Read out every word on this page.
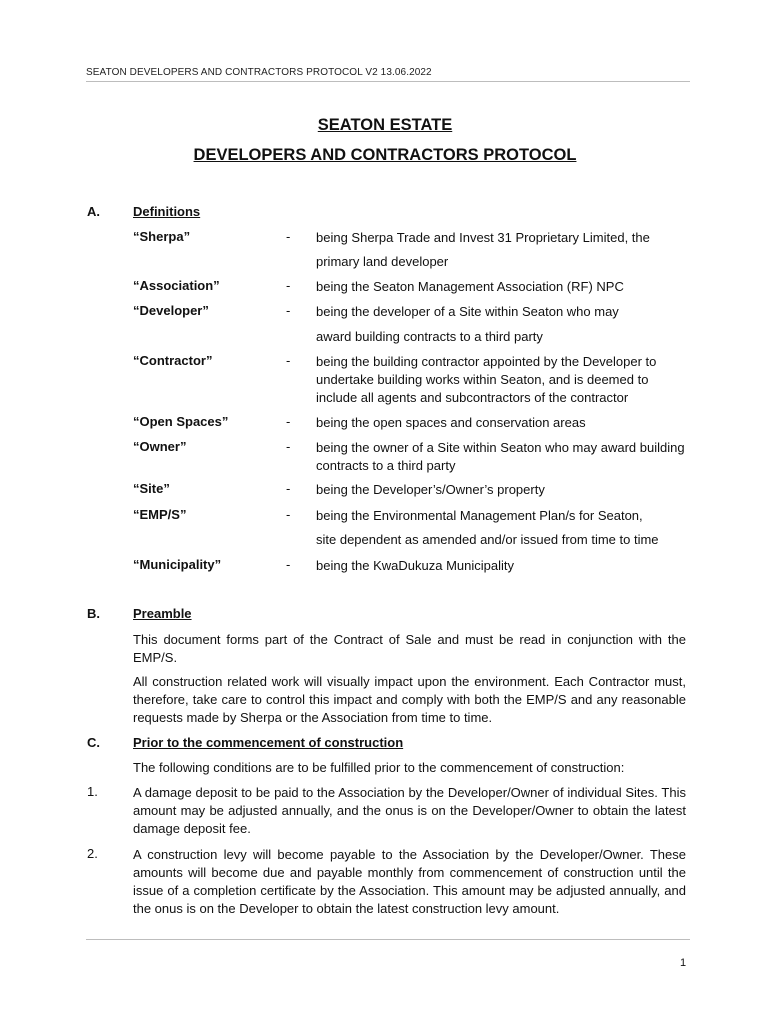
SEATON DEVELOPERS AND CONTRACTORS PROTOCOL V2 13.06.2022
SEATON ESTATE
DEVELOPERS AND CONTRACTORS PROTOCOL
A.	Definitions
“Sherpa”	- being Sherpa Trade and Invest 31 Proprietary Limited, the
primary land developer
“Association”	- being the Seaton Management Association (RF) NPC
“Developer”	- being the developer of a Site within Seaton who may
award building contracts to a third party
“Contractor”	- being the building contractor appointed by the Developer to undertake building works within Seaton, and is deemed to include all agents and subcontractors of the contractor
“Open Spaces”	- being the open spaces and conservation areas
“Owner”	- being the owner of a Site within Seaton who may award building contracts to a third party
“Site”	- being the Developer’s/Owner’s property
“EMP/S”	- being the Environmental Management Plan/s for Seaton,
site dependent as amended and/or issued from time to time
“Municipality”	- being the KwaDukuza Municipality
B.	Preamble
This document forms part of the Contract of Sale and must be read in conjunction with the EMP/S.
All construction related work will visually impact upon the environment. Each Contractor must, therefore, take care to control this impact and comply with both the EMP/S and any reasonable requests made by Sherpa or the Association from time to time.
C.	Prior to the commencement of construction
The following conditions are to be fulfilled prior to the commencement of construction:
1.	A damage deposit to be paid to the Association by the Developer/Owner of individual Sites. This amount may be adjusted annually, and the onus is on the Developer/Owner to obtain the latest damage deposit fee.
2.	A construction levy will become payable to the Association by the Developer/Owner. These amounts will become due and payable monthly from commencement of construction until the issue of a completion certificate by the Association. This amount may be adjusted annually, and the onus is on the Developer to obtain the latest construction levy amount.
1
